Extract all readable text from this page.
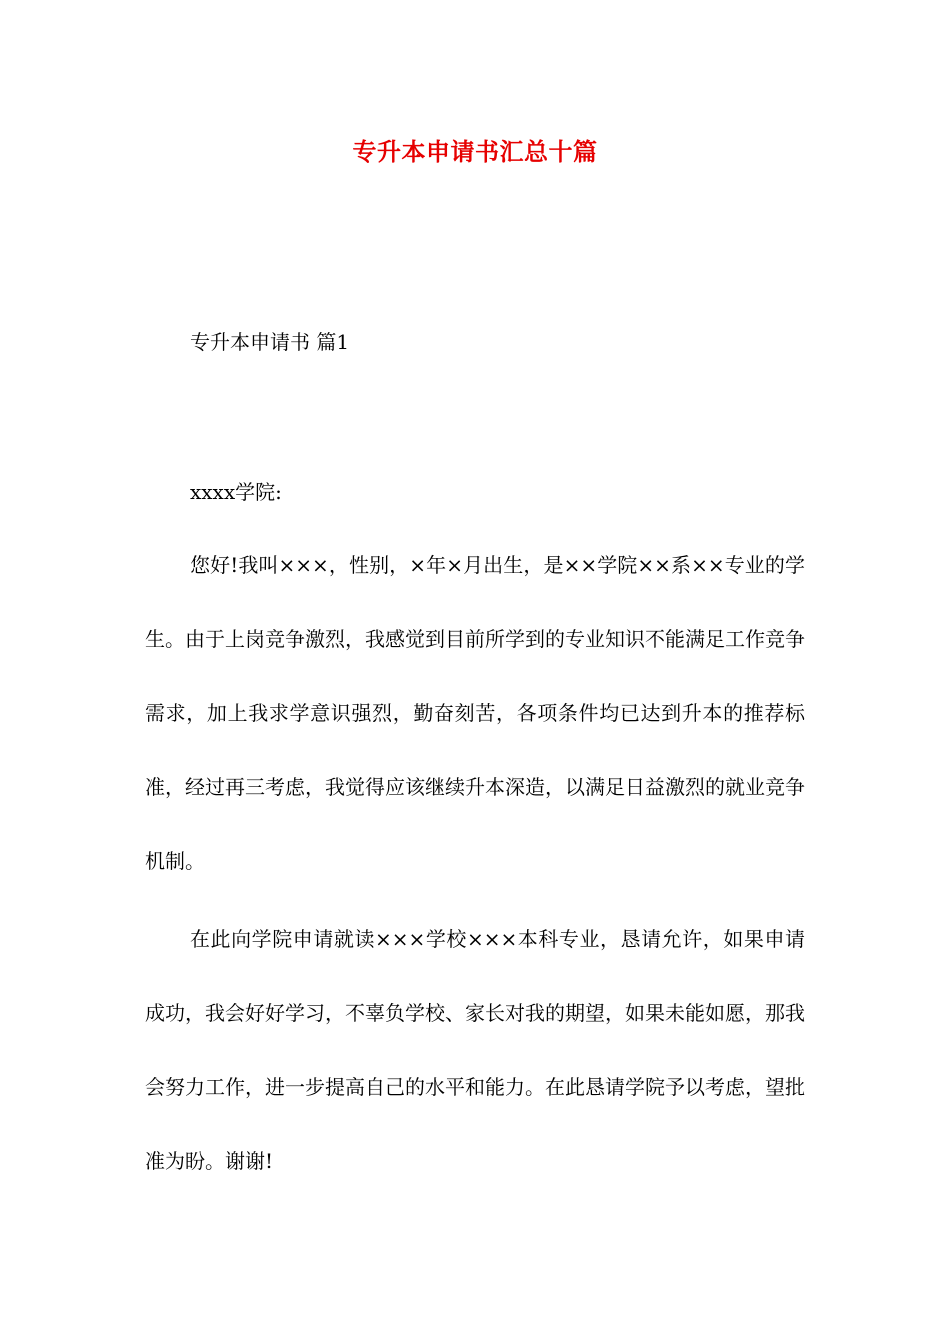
专升本申请书汇总十篇
专升本申请书 篇1
xxxx学院:

您好!我叫×××，性别，×年×月出生，是××学院××系××专业的学生。由于上岗竞争激烈，我感觉到目前所学到的专业知识不能满足工作竞争需求，加上我求学意识强烈，勤奋刻苦，各项条件均已达到升本的推荐标准，经过再三考虑，我觉得应该继续升本深造，以满足日益激烈的就业竞争机制。

在此向学院申请就读×××学校×××本科专业，恳请允许，如果申请成功，我会好好学习，不辜负学校、家长对我的期望，如果未能如愿，那我会努力工作，进一步提高自己的水平和能力。在此恳请学院予以考虑，望批准为盼。谢谢!
